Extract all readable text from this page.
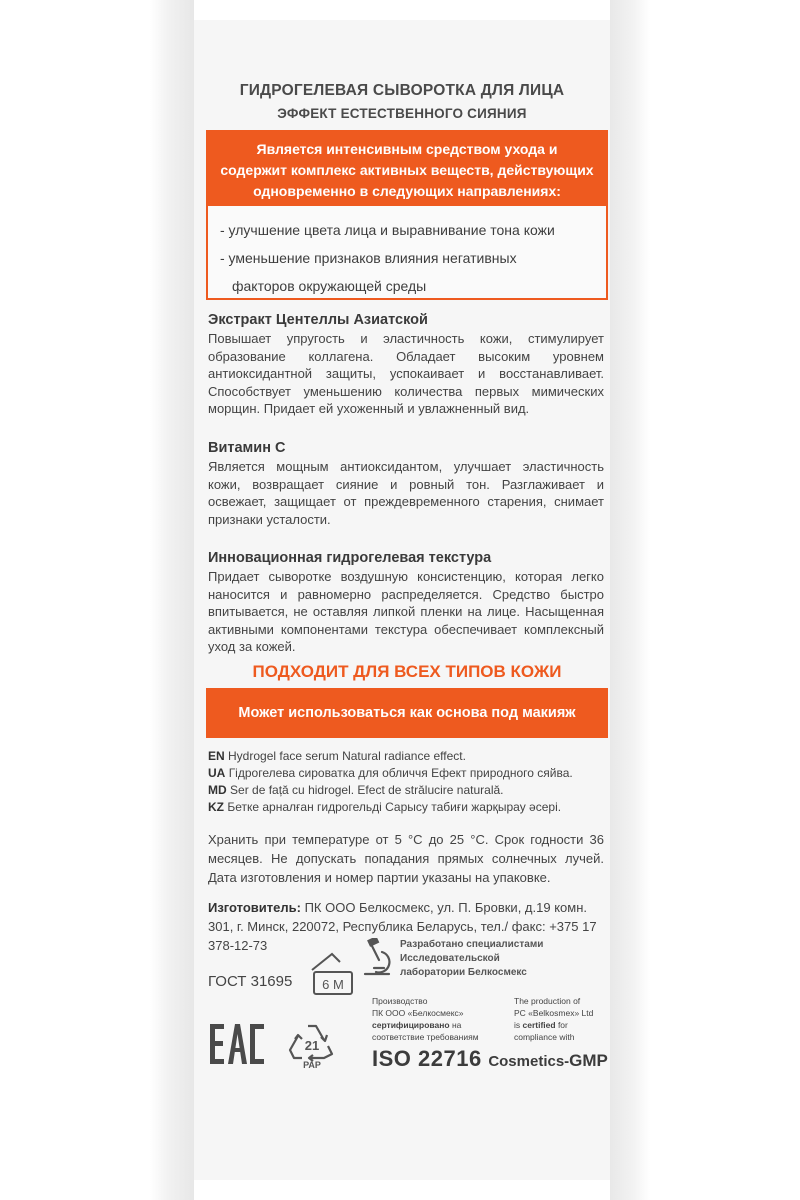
ГИДРОГЕЛЕВАЯ СЫВОРОТКА ДЛЯ ЛИЦА
ЭФФЕКТ ЕСТЕСТВЕННОГО СИЯНИЯ
Является интенсивным средством ухода и
содержит комплекс активных веществ, действующих
одновременно в следующих направлениях:
- улучшение цвета лица и выравнивание тона кожи
- уменьшение признаков влияния негативных
факторов окружающей среды
Экстракт Центеллы Азиатской

Повышает упругость и эластичность кожи, стимулирует образование коллагена. Обладает высоким уровнем антиоксидантной защиты, успокаивает и восстанавливает. Способствует уменьшению количества первых мимических морщин. Придает ей ухоженный и увлажненный вид.

Витамин С

Является мощным антиоксидантом, улучшает эластичность кожи, возвращает сияние и ровный тон. Разглаживает и освежает, защищает от преждевременного старения, снимает признаки усталости.

Инновационная гидрогелевая текстура

Придает сыворотке воздушную консистенцию, которая легко наносится и равномерно распределяется. Средство быстро впитывается, не оставляя липкой пленки на лице. Насыщенная активными компонентами текстура обеспечивает комплексный уход за кожей.

ПОДХОДИТ ДЛЯ ВСЕХ ТИПОВ КОЖИ
Может использоваться как основа под макияж
EN Hydrogel face serum Natural radiance effect.
UA Гідрогелева сироватка для обличчя Ефект природного сяйва.
MD Ser de față cu hidrogel. Efect de strălucire naturală.
KZ Бетке арналған гидрогельді Сарысу табиғи жарқырау әсері.
Хранить при температуре от 5 °С до 25 °С. Срок годности 36 месяцев. Не допускать попадания прямых солнечных лучей. Дата изготовления и номер партии указаны на упаковке.
Изготовитель: ПК ООО Белкосмекс, ул. П. Бровки, д.19 комн.
301, г. Минск, 220072, Республика Беларусь, тел./ факс: +375 17
378-12-73	Разработано специалистами
Исследовательской
лаборатории Белкосмекс
ГОСТ 31695 6 M
21
PAP
Производство
ПК ООО «Белкосмекс»
сертифицировано на
соответствие требованиям
The production of
PC «Belkosmex» Ltd
is certified for
compliance with
ISO 22716 Cosmetics-GMP
